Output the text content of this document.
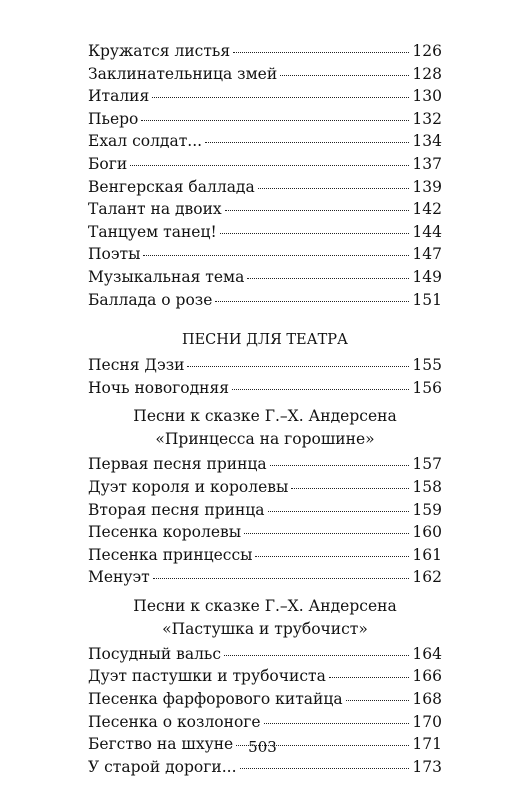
Кружатся листья	126
Заклинательница змей	128
Италия	130
Пьеро	132
Ехал солдат...	134
Боги	137
Венгерская баллада	139
Талант на двоих	142
Танцуем танец!	144
Поэты	147
Музыкальная тема	149
Баллада о розе	151
ПЕСНИ ДЛЯ ТЕАТРА
Песня Дэзи	155
Ночь новогодняя	156
Песни к сказке Г.–Х. Андерсена «Принцесса на горошине»
Первая песня принца	157
Дуэт короля и королевы	158
Вторая песня принца	159
Песенка королевы	160
Песенка принцессы	161
Менуэт	162
Песни к сказке Г.–Х. Андерсена «Пастушка и трубочист»
Посудный вальс	164
Дуэт пастушки и трубочиста	166
Песенка фарфорового китайца	168
Песенка о козлоноге	170
Бегство на шхуне	171
У старой дороги...	173
503
